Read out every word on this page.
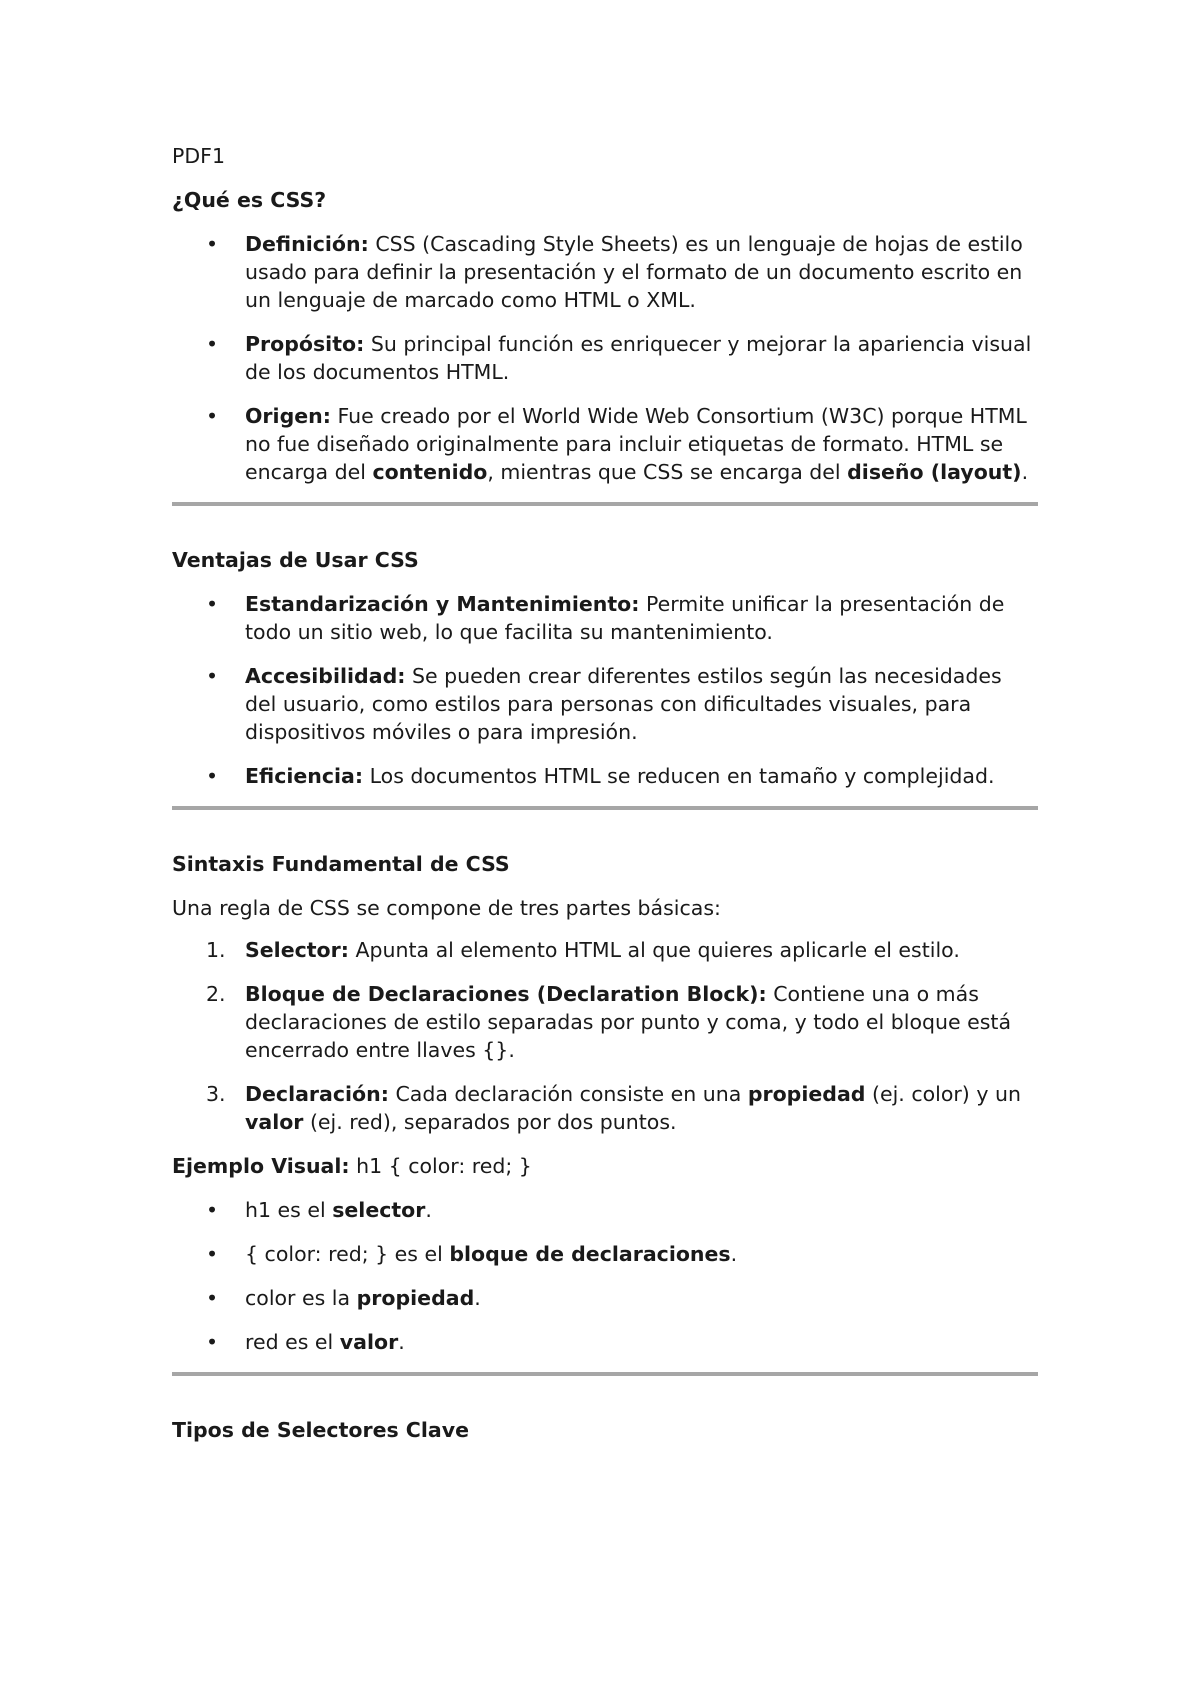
PDF1

¿Qué es CSS?

• Definición: CSS (Cascading Style Sheets) es un lenguaje de hojas de estilo usado para definir la presentación y el formato de un documento escrito en un lenguaje de marcado como HTML o XML.
• Propósito: Su principal función es enriquecer y mejorar la apariencia visual de los documentos HTML.
• Origen: Fue creado por el World Wide Web Consortium (W3C) porque HTML no fue diseñado originalmente para incluir etiquetas de formato. HTML se encarga del contenido, mientras que CSS se encarga del diseño (layout).

Ventajas de Usar CSS

• Estandarización y Mantenimiento: Permite unificar la presentación de todo un sitio web, lo que facilita su mantenimiento.
• Accesibilidad: Se pueden crear diferentes estilos según las necesidades del usuario, como estilos para personas con dificultades visuales, para dispositivos móviles o para impresión.
• Eficiencia: Los documentos HTML se reducen en tamaño y complejidad.

Sintaxis Fundamental de CSS

Una regla de CSS se compone de tres partes básicas:

1. Selector: Apunta al elemento HTML al que quieres aplicarle el estilo.
2. Bloque de Declaraciones (Declaration Block): Contiene una o más declaraciones de estilo separadas por punto y coma, y todo el bloque está encerrado entre llaves {}.
3. Declaración: Cada declaración consiste en una propiedad (ej. color) y un valor (ej. red), separados por dos puntos.

Ejemplo Visual: h1 { color: red; }

• h1 es el selector.
• { color: red; } es el bloque de declaraciones.
• color es la propiedad.
• red es el valor.

Tipos de Selectores Clave
